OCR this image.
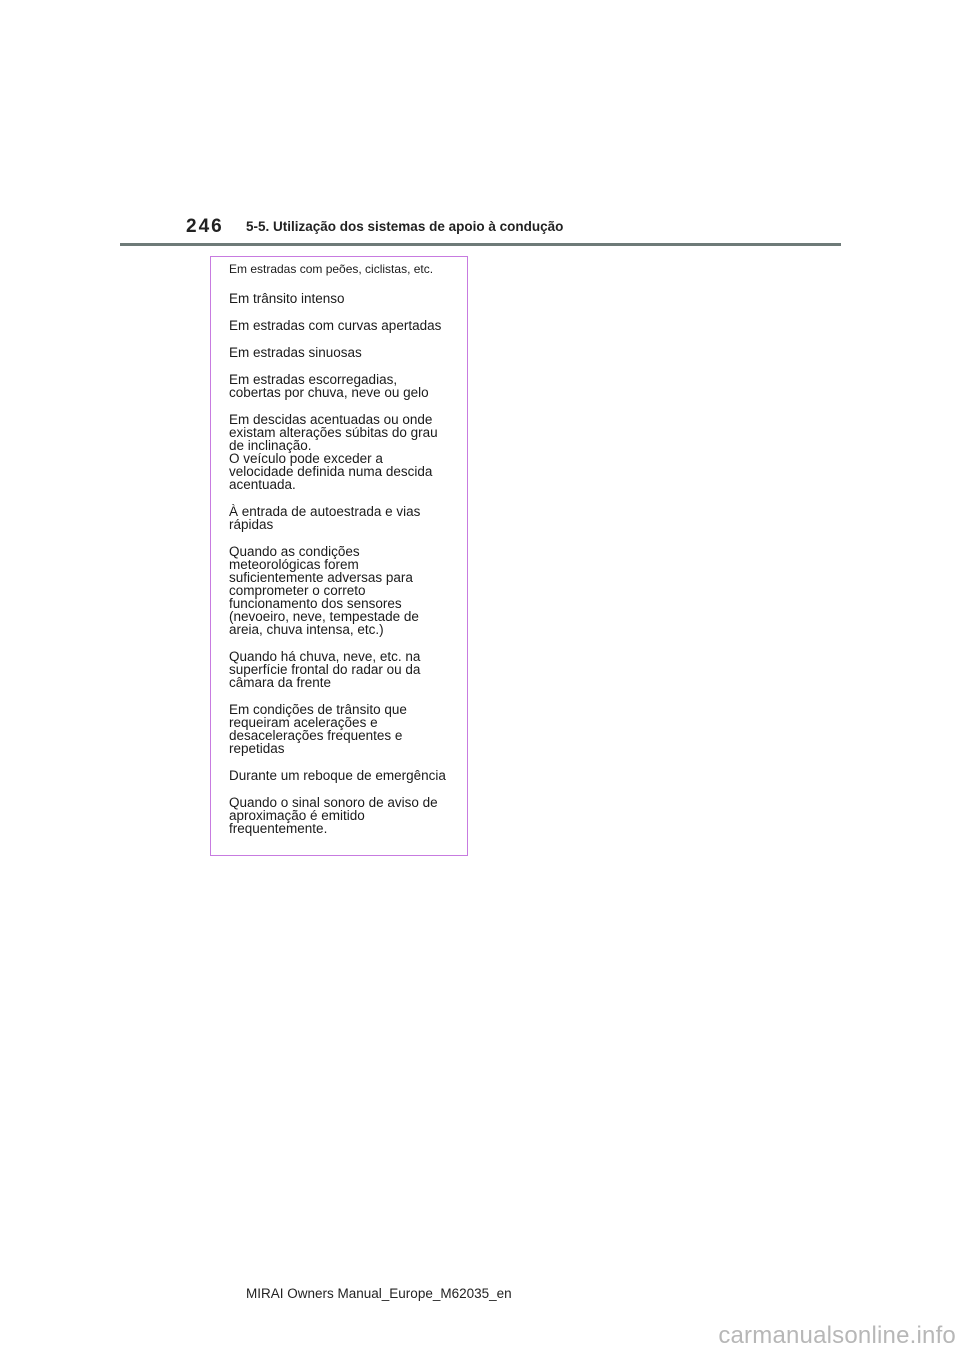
246 5-5. Utilização dos sistemas de apoio à condução
Em estradas com peões, ciclistas, etc.
Em trânsito intenso
Em estradas com curvas apertadas
Em estradas sinuosas
Em estradas escorregadias,
cobertas por chuva, neve ou gelo
Em descidas acentuadas ou onde
existam alterações súbitas do grau
de inclinação.
O veículo pode exceder a
velocidade definida numa descida
acentuada.
À entrada de autoestrada e vias
rápidas
Quando as condições
meteorológicas forem
suficientemente adversas para
comprometer o correto
funcionamento dos sensores
(nevoeiro, neve, tempestade de
areia, chuva intensa, etc.)
Quando há chuva, neve, etc. na
superfície frontal do radar ou da
câmara da frente
Em condições de trânsito que
requeiram acelerações e
desacelerações frequentes e
repetidas
Durante um reboque de emergência
Quando o sinal sonoro de aviso de
aproximação é emitido
frequentemente.
MIRAI Owners Manual_Europe_M62035_en
carmanualsonline.info
